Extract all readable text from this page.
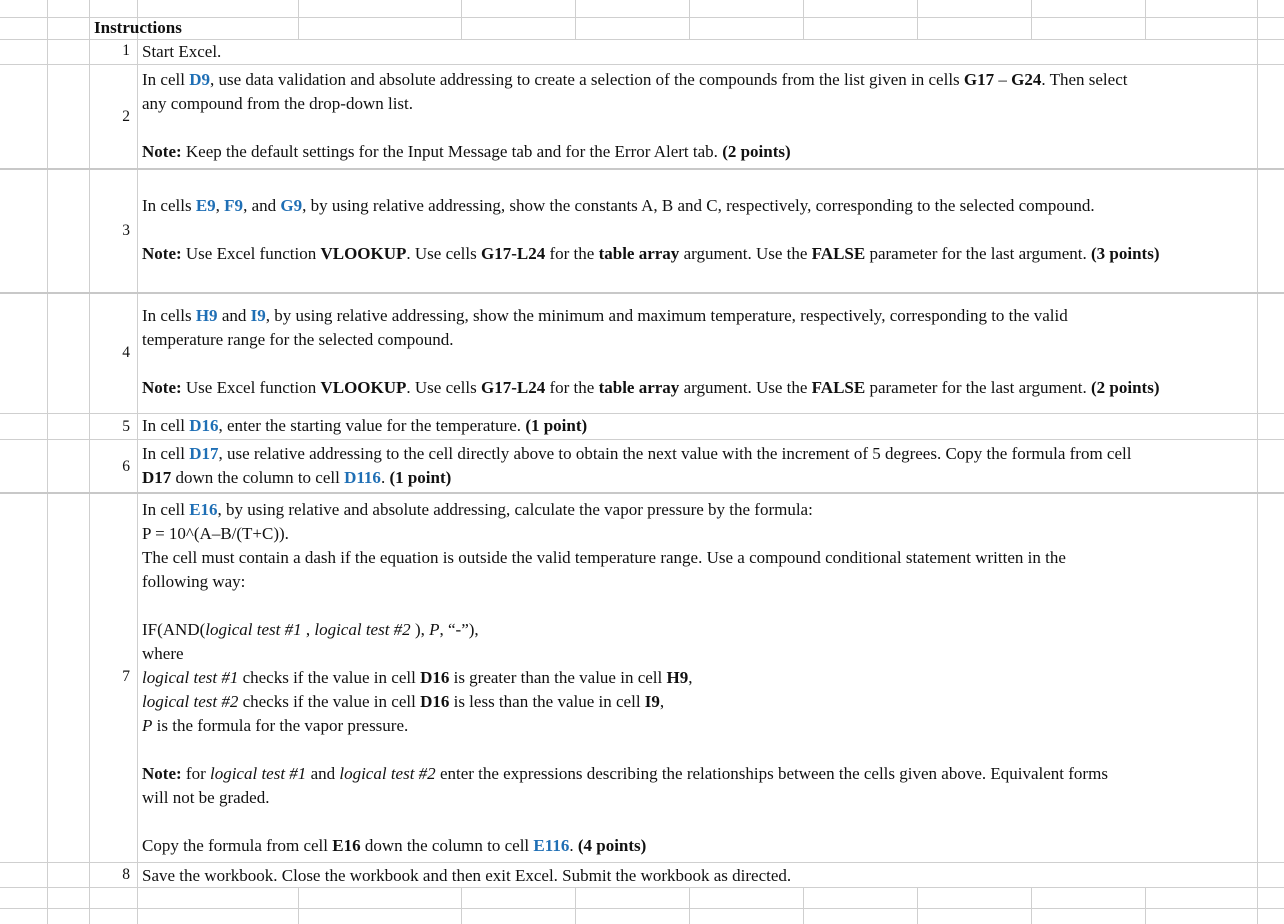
Instructions
1 Start Excel.
2
In cell D9, use data validation and absolute addressing to create a selection of the compounds from the list given in cells G17 – G24. Then select
any compound from the drop-down list.
Note: Keep the default settings for the Input Message tab and for the Error Alert tab. (2 points)
3
In cells E9, F9, and G9, by using relative addressing, show the constants A, B and C, respectively, corresponding to the selected compound.
Note: Use Excel function VLOOKUP. Use cells G17-L24 for the table array argument. Use the FALSE parameter for the last argument. (3 points)
4
In cells H9 and I9, by using relative addressing, show the minimum and maximum temperature, respectively, corresponding to the valid
temperature range for the selected compound.
Note: Use Excel function VLOOKUP. Use cells G17-L24 for the table array argument. Use the FALSE parameter for the last argument. (2 points)
5 In cell D16, enter the starting value for the temperature. (1 point)
6
In cell D17, use relative addressing to the cell directly above to obtain the next value with the increment of 5 degrees. Copy the formula from cell
D17 down the column to cell D116. (1 point)
7
In cell E16, by using relative and absolute addressing, calculate the vapor pressure by the formula:
P = 10^(A–B/(T+C)).
The cell must contain a dash if the equation is outside the valid temperature range. Use a compound conditional statement written in the
following way:
IF(AND(logical test #1 , logical test #2 ), P, “-”),
where
logical test #1 checks if the value in cell D16 is greater than the value in cell H9,
logical test #2 checks if the value in cell D16 is less than the value in cell I9,
P is the formula for the vapor pressure.
Note: for logical test #1 and logical test #2 enter the expressions describing the relationships between the cells given above. Equivalent forms
will not be graded.
Copy the formula from cell E16 down the column to cell E116. (4 points)
8 Save the workbook. Close the workbook and then exit Excel. Submit the workbook as directed.
